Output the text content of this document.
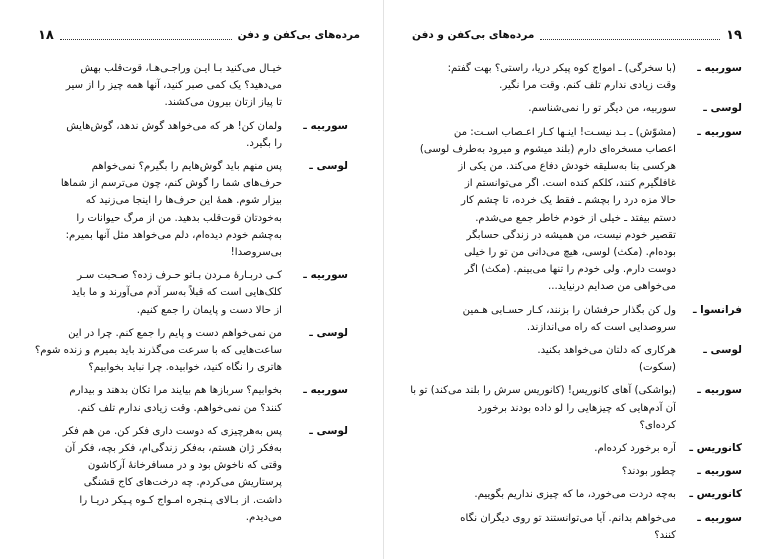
مرده‌های بی‌کفن و دفن
۱۸
خیـال می‌کنید بـا ایـن وراجـی‌هـا، قوت‌قلب بهش
می‌دهید؟ یک کمی صبر کنید، آنها همه چیز را از سیر
تا پیاز ازتان بیرون می‌کشند.
سوربیه ـ
ولمان کن! هر که می‌خواهد گوش ندهد، گوش‌هایش
را بگیرد.
لوسی ـ
پس منهم باید گوش‌هایم را بگیرم؟ نمی‌خواهم
حرف‌های شما را گوش کنم، چون می‌ترسم از شماها
بیزار شوم. همهٔ این حرف‌ها را اینجا می‌زنید که
به‌خودتان قوت‌قلب بدهید. من از مرگ حیوانات را
به‌چشم خودم دیده‌ام، دلم می‌خواهد مثل آنها بمیرم:
بی‌سروصدا!
سوربیه ـ
کـی دربـارهٔ مـردن بـاتو حـرف زده؟ صـحبت سـر
کلک‌هایی است که قبلاً به‌سر آدم می‌آورند و ما باید
از حالا دست و پایمان را جمع کنیم.
لوسی ـ
من نمی‌خواهم دست و پایم را جمع کنم. چرا در این
ساعت‌هایی که با سرعت می‌گذرند باید بمیرم و زنده شوم؟
هاتری را نگاه کنید، خوابیده. چرا نباید بخوابیم؟
سوربیه ـ
بخوابیم؟ سربازها هم بیایند مرا تکان بدهند و بیدارم
کنند؟ من نمی‌خواهم. وقت زیادی ندارم تلف کنم.
لوسی ـ
پس به‌هرچیزی که دوست داری فکر کن. من هم فکر
به‌فکر ژان هستم، به‌فکر زندگی‌ام، فکر بچه، فکر آن
وقتی که ناخوش بود و در مسافرخانهٔ آرکاشون
پرستاریش می‌کردم. چه درخت‌های کاج قشنگی
داشت. از بـالای پـنجره امـواج کـوه پـیکر دریـا را
می‌دیدم.
۱۹
مرده‌های بی‌کفن و دفن
سوربیه ـ
(با سخرگی) ـ امواج کوه پیکر دریا، راستی؟ بهت گفتم:
وقت زیادی ندارم تلف کنم. وقت مرا نگیر.
لوسی ـ
سوربیه، من دیگر تو را نمی‌شناسم.
سوربیه ـ
(مشوّش) ـ بـد نیسـت! اینـها کـار اعـصاب اسـت: من
اعصاب مسخره‌ای دارم (بلند میشوم و میرود به‌طرف لوسی)
هرکسی بنا به‌سلیقه خودش دفاع می‌کند. من یکی از
غافلگیرم کنند، کلکم کنده است. اگر می‌توانستم از
حالا مزه درد را بچشم ـ فقط یک خرده، تا چشم کار
دستم بیفتد ـ خیلی از خودم خاطر جمع می‌شدم.
تقصیر خودم نیست، من همیشه در زندگی حسابگر
بوده‌ام. (مکث) لوسی، هیچ می‌دانی من تو را خیلی
دوست دارم. ولی خودم را تنها می‌بینم. (مکث) اگر
می‌خواهی من صدایم درنیاید...
فرانسوا ـ
ول کن بگذار حرفشان را بزنند، کـار حسـابی هـمین
سروصدایی است که راه می‌اندازند.
لوسی ـ
هرکاری که دلتان می‌خواهد بکنید.
(سکوت)
سوربیه ـ
(بواشکی) آهای کانوریس! (کانوریس سرش را بلند می‌کند) تو با
آن آدم‌هایی که چیزهایی را لو داده بودند برخورد
کرده‌ای؟
کانوریس ـ
آره برخورد کرده‌ام.
سوربیه ـ
چطور بودند؟
کانوریس ـ
به‌چه دردت می‌خورد، ما که چیزی نداریم بگوییم.
سوربیه ـ
می‌خواهم بدانم. آیا می‌توانستند تو روی دیگران نگاه
کنند؟
